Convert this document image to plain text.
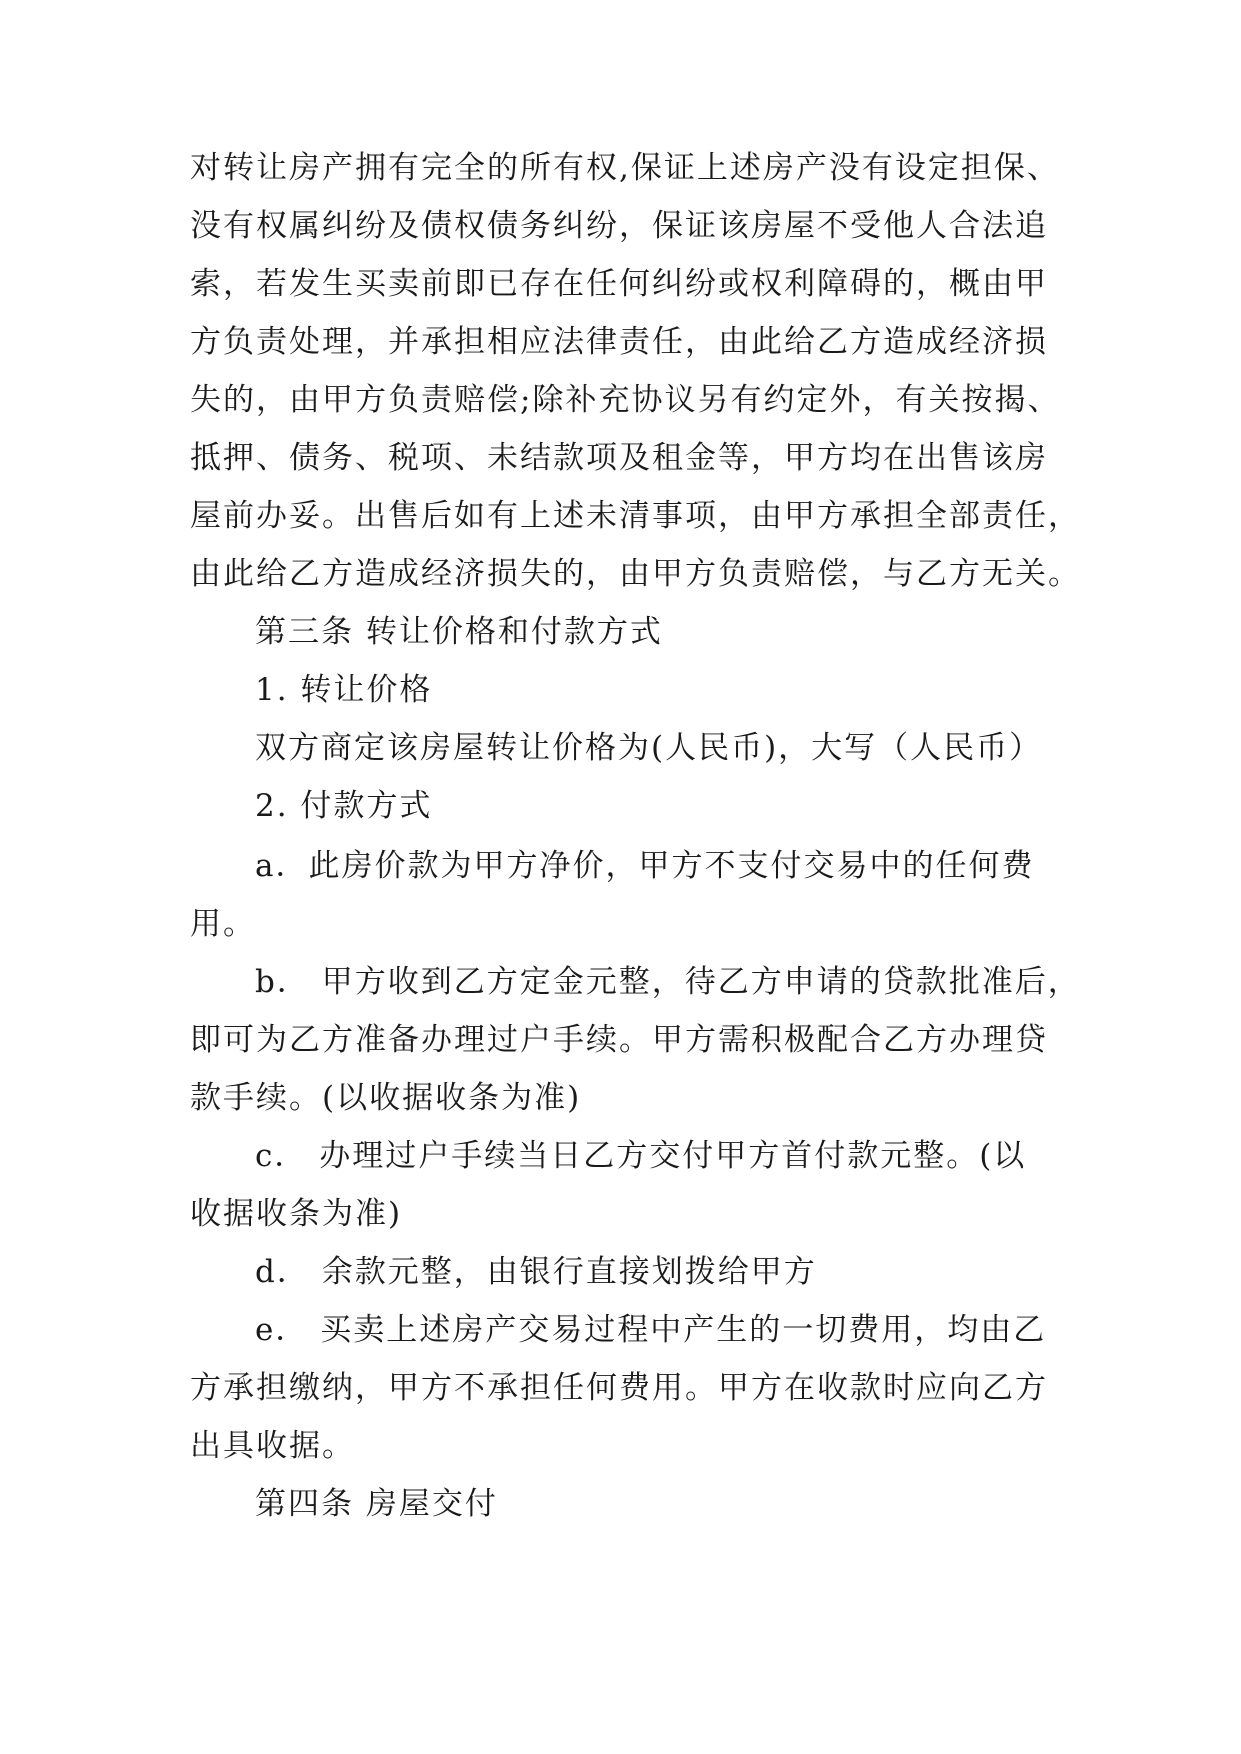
对转让房产拥有完全的所有权,保证上述房产没有设定担保、
没有权属纠纷及债权债务纠纷，保证该房屋不受他人合法追
索，若发生买卖前即已存在任何纠纷或权利障碍的，概由甲
方负责处理，并承担相应法律责任，由此给乙方造成经济损
失的，由甲方负责赔偿;除补充协议另有约定外，有关按揭、
抵押、债务、税项、未结款项及租金等，甲方均在出售该房
屋前办妥。出售后如有上述未清事项，由甲方承担全部责任，
由此给乙方造成经济损失的，由甲方负责赔偿，与乙方无关。
第三条 转让价格和付款方式
1. 转让价格
双方商定该房屋转让价格为(人民币)，大写（人民币）
2. 付款方式
a．此房价款为甲方净价，甲方不支付交易中的任何费
用。
b． 甲方收到乙方定金元整，待乙方申请的贷款批准后，
即可为乙方准备办理过户手续。甲方需积极配合乙方办理贷
款手续。(以收据收条为准)
c． 办理过户手续当日乙方交付甲方首付款元整。(以
收据收条为准)
d． 余款元整，由银行直接划拨给甲方
e． 买卖上述房产交易过程中产生的一切费用，均由乙
方承担缴纳，甲方不承担任何费用。甲方在收款时应向乙方
出具收据。
第四条 房屋交付
